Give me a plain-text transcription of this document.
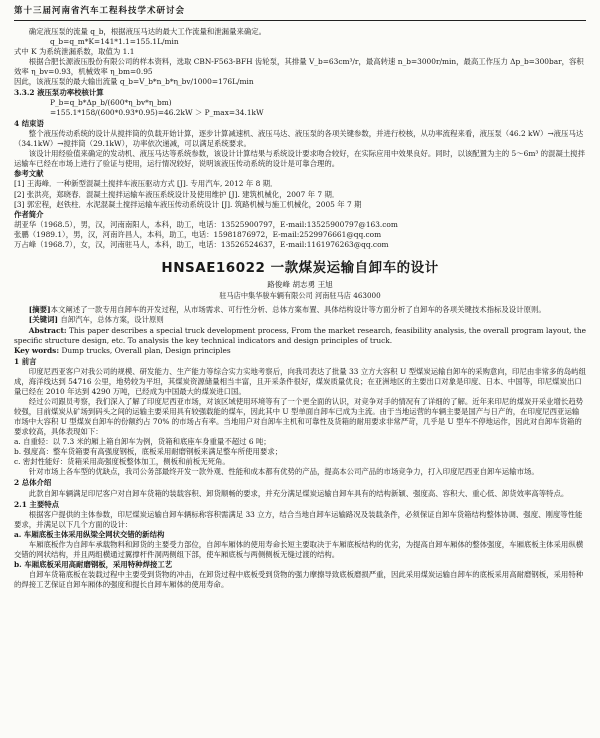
第十三届河南省汽车工程科技学术研讨会

确定液压泵的流量 q_b，根据液压马达的最大工作流量和泄漏量来确定。

q_b=q_m*K=141*1.1=155.1L/min

式中 K 为系统泄漏系数，取值为 1.1

根据合肥长源液压股份有限公司的样本资料，选取 CBN-F563-BFH 齿轮泵，其排量 V_b=63cm³/r，最高转速 n_b=3000r/min，最高工作压力 Δp_b=300bar，容积效率 η_bv=0.93，机械效率 η_bm=0.95

因此，该液压泵的最大输出流量 q_b=V_b*n_b*η_bv/1000=176L/min

3.3.2 液压泵功率校核计算

P_b=q_b*Δp_b/(600*η_bv*η_bm)

=155.1*158/(600*0.93*0.95)=46.2kW ＞ P_max=34.1kW

4 结束语

整个液压传动系统的设计从搅拌筒的负载开始计算，逐步计算减速机、液压马达、液压泵的各项关键参数，并进行校核，从功率流程来看，液压泵（46.2 kW）→液压马达（34.1kW）→搅拌筒（29.1kW），功率依次递减，可以满足系统要求。

该设计用经验值来确定的发动机、液压马达等系统参数，该设计计算结果与系统设计要求吻合较好，在实际应用中效果良好。同时，以该配置为主的 5～6m³ 的混凝土搅拌运输车已经在市场上进行了验证与使用，运行情况较好，说明该液压传动系统的设计是可靠合理的。

参考文献

[1] 王海峰．一种新型混凝土搅拌车液压驱动方式 [J]. 专用汽车, 2012 年 8 期．

[2] 张洪亮，郑晓春．混凝土搅拌运输车液压系统设计及使用维护 [J]. 建筑机械化，2007 年 7 期．

[3] 郭宏程，赵铁柱．水泥混凝土搅拌运输车液压传动系统设计 [J]. 筑路机械与施工机械化，2005 年 7 期

作者简介

胡亚华（1968.5），男，汉，河南南阳人，本科，助工，电话：13525900797，E-mail:13525900797@163.com

张鹏（1989.1），男，汉，河南许昌人，本科，助工，电话：15981876972，E-mail:2529976661@qq.com

万占峰（1968.7），女，汉，河南驻马人，本科，助工，电话：13526524637，E-mail:1161976263@qq.com

HNSAE16022 一款煤炭运输自卸车的设计
路俊峰 胡志勇 王旭
驻马店中集华骏车辆有限公司 河南驻马店 463000

[摘要]本文阐述了一款专用自卸车的开发过程，从市场需求、可行性分析、总体方案布置、具体结构设计等方面分析了自卸车的各项关键技术指标及设计原则。

[关键词] 自卸汽车，总体方案，设计原则

Abstract: This paper describes a special truck development process, From the market research, feasibility analysis, the overall program layout, the specific structure design, etc. To analysis the key technical indicators and design principles of truck.

Key words: Dump trucks, Overall plan, Design principles

1 前言

印度尼西亚客户对我公司的规模、研发能力、生产能力等综合实力实地考察后，向我司表达了批量 33 立方大容积 U 型煤炭运输自卸车的采购意向，印尼由非常多的岛屿组成，海洋线达到 54716 公里，地势较为平坦，其煤炭资源储量相当丰富，且开采条件很好，煤炭质量优良；在亚洲地区的主要出口对象是印度、日本、中国等，印尼煤炭出口量已经在 2010 年达到 4290 万吨，已经成为中国最大的煤炭进口国。

经过公司跟员考察，我们深入了解了印度尼西亚市场，对该区域使用环境等有了一个更全面的认识，对竞争对手的情况有了详细的了解。近年来印尼的煤炭开采业增长趋势较强，目前煤炭从矿场到码头之间的运输主要采用具有较强载能的煤车，因此其中 U 型单面自卸车已成为主流。由于当地运营的车辆主要是国产与日产的，在印度尼西亚运输市场中大容积 U 型煤炭自卸车的份额约占 70% 的市场占有率。当地用户对自卸车主机和可靠性及货箱的耐用要求非常严苛，几乎是 U 型车不停地运作，因此对自卸车货箱的要求较高，具体表现如下：

a. 自重轻：以 7.3 米的厢上箱自卸车为例，货箱和底座车身重量不超过 6 吨；

b. 强度高：整车货箱要有高强度钢板，底板采用耐磨钢板来满足整车所使用要求；

c. 密封性能好：货箱采用高强度板整体加工，侧板和前板无死角。

针对市场上各车型的优缺点，我司公务部最终开发一款外观、性能和成本都有优势的产品，提高本公司产品的市场竞争力，打入印度尼西亚自卸车运输市场。

2 总体介绍

此款自卸车辆满足印尼客户对自卸车货箱的装载容积、卸货顺畅的要求，并充分满足煤炭运输自卸车具有的结构新颖、强度高、容积大、重心低、卸货效率高等特点。

2.1 主要特点

根据客户提供的主体参数，印尼煤炭运输自卸车辆标称容积需满足 33 立方，结合当地自卸车运输路况及装载条件，必须保证自卸车货箱结构整体协调、强度、刚度等性能要求，并满足以下几个方面的设计：

a. 车厢底板主体采用纵梁全网状交错的新结构

车厢底板作为自卸车承载物料和卸货的主要受力部位，自卸车厢体的使用寿命长短主要取决于车厢底板结构的优劣，为提高自卸车厢体的整体强度，车厢底板主体采用纵横交错的网状结构，并且两组横通过翼撑杆件洞两侧组下部，使车厢底板与两侧侧板无缝过渡的结构。

b. 车厢底板采用高耐磨钢板，采用特种焊接工艺

自卸车货箱底板在装载过程中主要受到货物的冲击，在卸货过程中底板受到货物的强力摩擦导致底板磨损严重，因此采用煤炭运输自卸车的底板采用高耐磨钢板，采用特种的焊接工艺保证自卸车厢体的强度和提长自卸车厢体的使用寿命。
